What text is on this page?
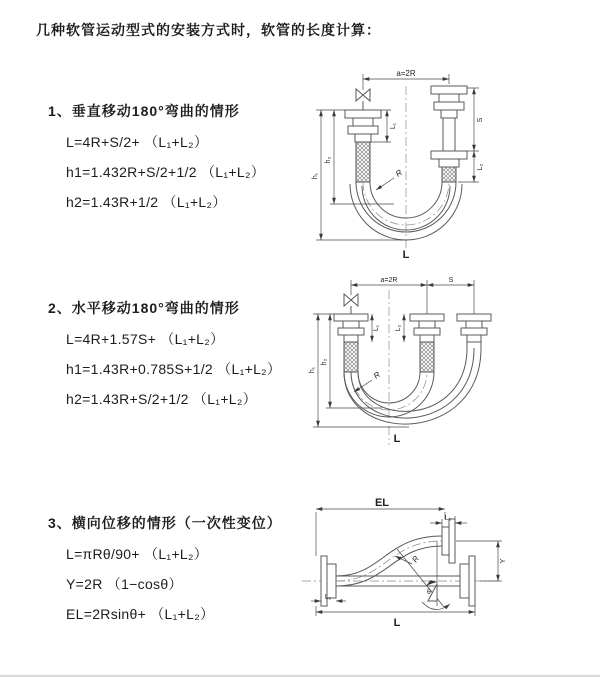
几种软管运动型式的安装方式时，软管的长度计算：
1、垂直移动180°弯曲的情形
L=4R+S/2+ （L₁+L₂）
h1=1.432R+S/2+1/2 （L₁+L₂）
h2=1.43R+1/2 （L₁+L₂）
2、水平移动180°弯曲的情形
L=4R+1.57S+ （L₁+L₂）
h1=1.43R+0.785S+1/2 （L₁+L₂）
h2=1.43R+S/2+1/2 （L₁+L₂）
3、横向位移的情形（一次性变位）
L=πRθ/90+ （L₁+L₂）
Y=2R （1−cosθ）
EL=2Rsinθ+ （L₁+L₂）
a=2R
S
L₂
h₁
h₂
L₁
R
L
a=2R	S
h₁
h₂
L₁ L₂
R
L
EL
L₂
Y
L
L₁
R
θ
